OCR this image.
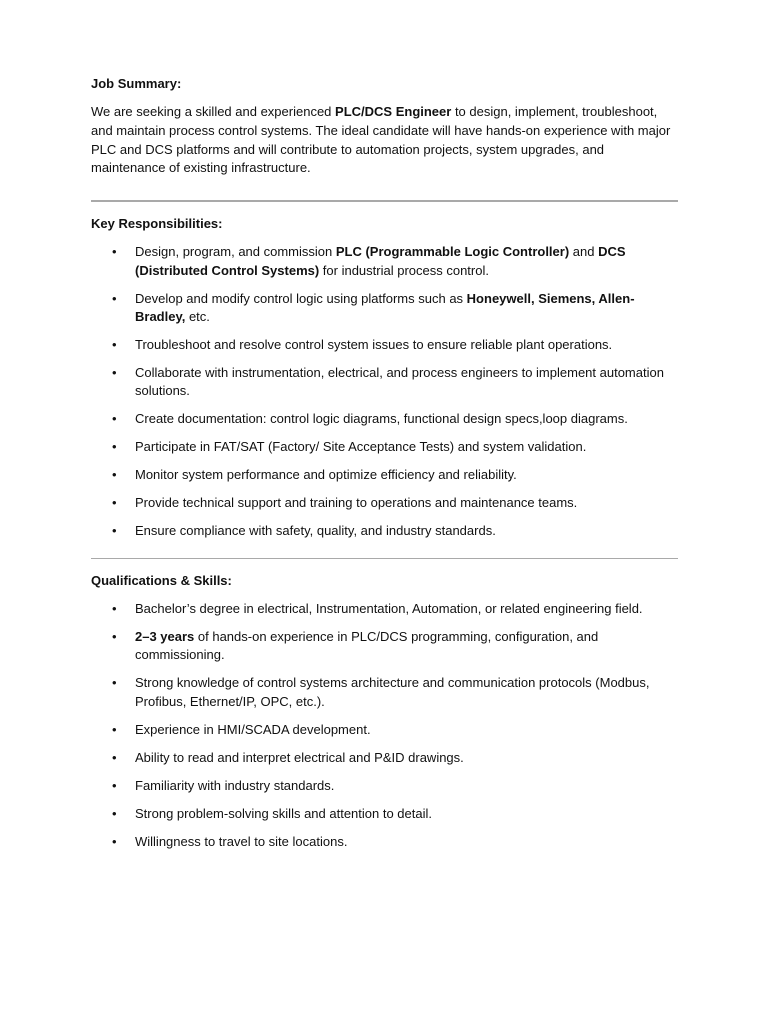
Job Summary:

We are seeking a skilled and experienced PLC/DCS Engineer to design, implement, troubleshoot, and maintain process control systems. The ideal candidate will have hands-on experience with major PLC and DCS platforms and will contribute to automation projects, system upgrades, and maintenance of existing infrastructure.

Key Responsibilities:

• Design, program, and commission PLC (Programmable Logic Controller) and DCS (Distributed Control Systems) for industrial process control.
• Develop and modify control logic using platforms such as Honeywell, Siemens, Allen-Bradley, etc.
• Troubleshoot and resolve control system issues to ensure reliable plant operations.
• Collaborate with instrumentation, electrical, and process engineers to implement automation solutions.
• Create documentation: control logic diagrams, functional design specs,loop diagrams.
• Participate in FAT/SAT (Factory/ Site Acceptance Tests) and system validation.
• Monitor system performance and optimize efficiency and reliability.
• Provide technical support and training to operations and maintenance teams.
• Ensure compliance with safety, quality, and industry standards.

Qualifications & Skills:

• Bachelor’s degree in electrical, Instrumentation, Automation, or related engineering field.
• 2–3 years of hands-on experience in PLC/DCS programming, configuration, and commissioning.
• Strong knowledge of control systems architecture and communication protocols (Modbus, Profibus, Ethernet/IP, OPC, etc.).
• Experience in HMI/SCADA development.
• Ability to read and interpret electrical and P&ID drawings.
• Familiarity with industry standards.
• Strong problem-solving skills and attention to detail.
• Willingness to travel to site locations.
